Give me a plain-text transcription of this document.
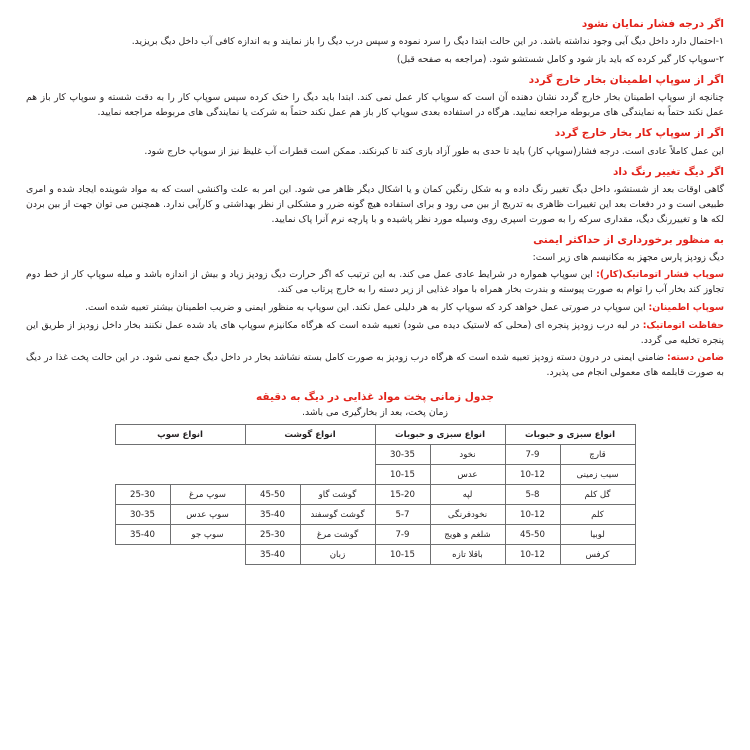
اگر درجه فشار نمایان نشود

۱-احتمال دارد داخل دیگ آبی وجود نداشته باشد. در این حالت ابتدا دیگ را سرد نموده و سپس درب دیگ را باز نمایند و به اندازه کافی آب داخل دیگ بریزید.

۲-سوپاپ کار گیر کرده که باید باز شود و کامل شستشو شود. (مراجعه به صفحه قبل)

اگر از سوپاپ اطمینان بخار خارج گردد

چنانچه از سوپاپ اطمینان بخار خارج گردد نشان دهنده آن است که سوپاپ کار عمل نمی کند. ابتدا باید دیگ را خنک کرده سپس سوپاپ کار را به دقت شسته و سوپاپ کار باز هم عمل نکند حتماً به نمایندگی های مربوطه مراجعه نمایید. هرگاه در استفاده بعدی سوپاپ کار باز هم عمل نکند حتماً به شرکت یا نمایندگی های مربوطه مراجعه نمایید.

اگر از سوپاپ کار بخار خارج گردد

این عمل کاملاً عادی است. درجه فشار(سوپاپ کار) باید تا حدی به طور آزاد بازی کند تا کبرنکند. ممکن است قطرات آب غلیظ نیز از سوپاپ خارج شود.

اگر دیگ تغییر رنگ داد

گاهی اوقات بعد از شستشو، داخل دیگ تغییر رنگ داده و به شکل رنگین کمان و یا اشکال دیگر ظاهر می شود. این امر به علت واکنشی است که به مواد شوینده ایجاد شده و امری طبیعی است و در دفعات بعد این تغییرات ظاهری به تدریج از بین می رود و برای استفاده هیچ گونه ضرر و مشکلی از نظر بهداشتی و کارآیی ندارد. همچنین می توان جهت از بین بردن لکه ها و تغییررنگ دیگ، مقداری سرکه را به صورت اسپری روی وسیله مورد نظر پاشیده و با پارچه نرم آنرا پاک نمایید.

به منظور برخورداری از حداکثر ایمنی

دیگ زودپز پارس مجهز به مکانیسم های زیر است:

سوپاپ فشار اتوماتیک(کار): این سوپاپ همواره در شرایط عادی عمل می کند. به این ترتیب که اگر حرارت دیگ زودپز زیاد و بیش از اندازه باشد و میله سوپاپ کار از خط دوم تجاوز کند بخار آب را توام به صورت پیوسته و بندرت بخار همراه با مواد غذایی از زیر دسته را به خارج پرتاب می کند.

سوپاپ اطمینان: این سوپاپ در صورتی عمل خواهد کرد که سوپاپ کار به هر دلیلی عمل نکند. این سوپاپ به منظور ایمنی و ضریب اطمینان بیشتر تعبیه شده است.

حفاظت اتوماتیک: در لبه درب زودپز پنجره ای (محلی که لاستیک دیده می شود) تعبیه شده است که هرگاه مکانیزم سوپاپ های یاد شده عمل نکنند بخار داخل زودپز از طریق این پنجره تخلیه می گردد.

ضامن دسته: ضامنی ایمنی در درون دسته زودپز تعبیه شده است که هرگاه درب زودپز به صورت کامل بسته نشاشد بخار در داخل دیگ جمع نمی شود. در این حالت پخت غذا در دیگ به صورت قابلمه های معمولی انجام می پذیرد.

جدول زمانی پخت مواد غذایی در دیگ به دقیقه
زمان پخت، بعد از بخارگیری می باشد.
انواع سبزی و حبوبات		انواع سبزی و حبوبات		انواع گوشت		انواع سوپ	
قارچ	7-9	نخود	30-35				
سیب زمینی	10-12	عدس	10-15				
گل کلم	5-8	لپه	15-20	گوشت گاو	45-50	سوپ مرغ	25-30
کلم	10-12	نخودفرنگی	5-7	گوشت گوسفند	35-40	سوپ عدس	30-35
لوبیا	45-50	شلغم و هویج	7-9	گوشت مرغ	25-30	سوپ جو	35-40
کرفس	10-12	باقلا تازه	10-15	زبان	35-40		
